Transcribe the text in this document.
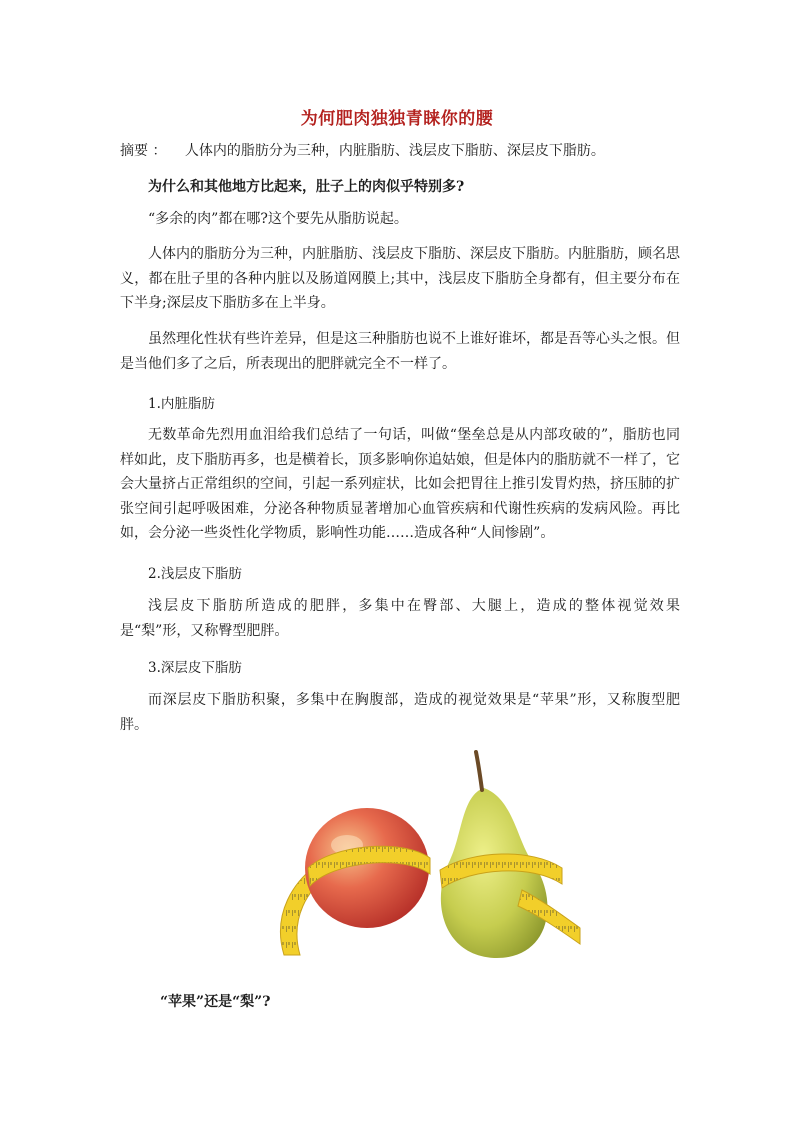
为何肥肉独独青睐你的腰
摘要 ： 人体内的脂肪分为三种，内脏脂肪、浅层皮下脂肪、深层皮下脂肪。
为什么和其他地方比起来，肚子上的肉似乎特别多?
“多余的肉”都在哪?这个要先从脂肪说起。
人体内的脂肪分为三种，内脏脂肪、浅层皮下脂肪、深层皮下脂肪。内脏脂肪，顾名思义，都在肚子里的各种内脏以及肠道网膜上;其中，浅层皮下脂肪全身都有，但主要分布在下半身;深层皮下脂肪多在上半身。
虽然理化性状有些许差异，但是这三种脂肪也说不上谁好谁坏，都是吾等心头之恨。但是当他们多了之后，所表现出的肥胖就完全不一样了。
1.内脏脂肪
无数革命先烈用血泪给我们总结了一句话，叫做“堡垒总是从内部攻破的”，脂肪也同样如此，皮下脂肪再多，也是横着长，顶多影响你追姑娘，但是体内的脂肪就不一样了，它会大量挤占正常组织的空间，引起一系列症状，比如会把胃往上推引发胃灼热，挤压肺的扩张空间引起呼吸困难，分泌各种物质显著增加心血管疾病和代谢性疾病的发病风险。再比如，会分泌一些炎性化学物质，影响性功能……造成各种“人间惨剧”。
2.浅层皮下脂肪
浅层皮下脂肪所造成的肥胖，多集中在臀部、大腿上，造成的整体视觉效果是“梨”形，又称臀型肥胖。
3.深层皮下脂肪
而深层皮下脂肪积聚，多集中在胸腹部，造成的视觉效果是“苹果”形，又称腹型肥胖。
“苹果”还是“梨”?
